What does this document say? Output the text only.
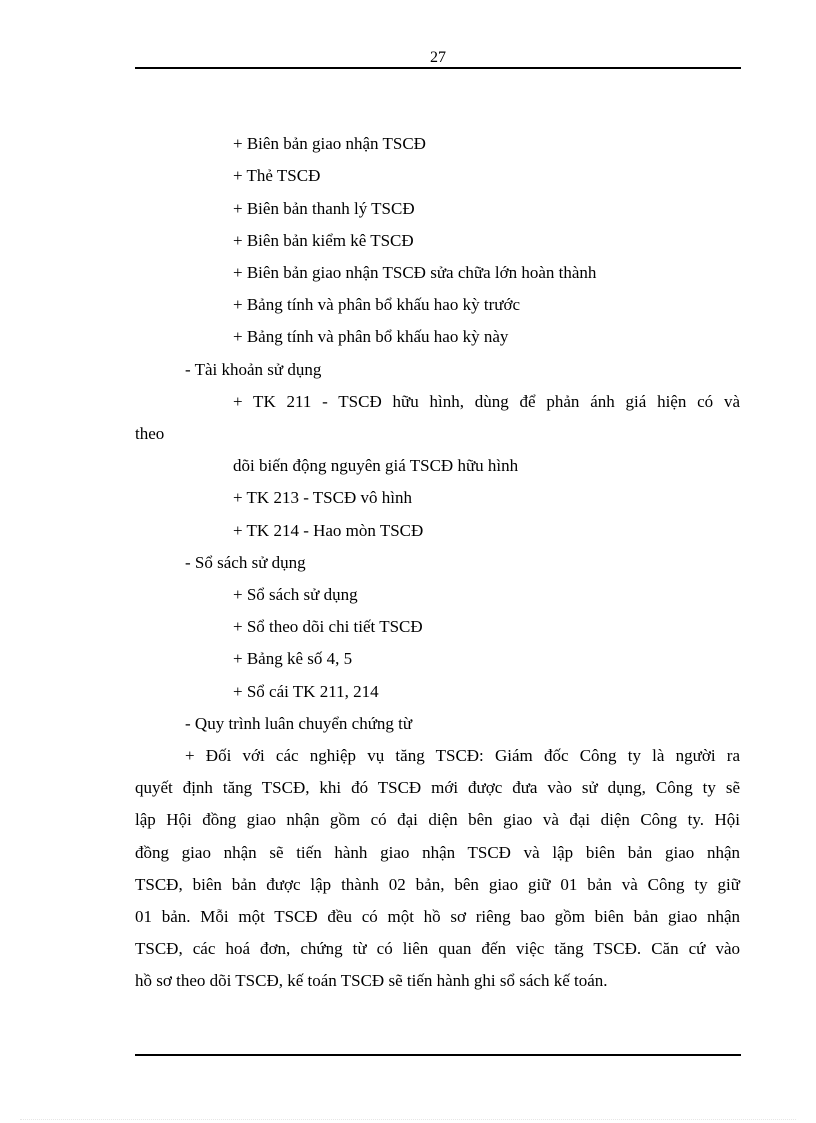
27
+ Biên bản giao nhận TSCĐ
+ Thẻ TSCĐ
+ Biên bản thanh lý TSCĐ
+ Biên bản kiểm kê TSCĐ
+ Biên bản giao nhận TSCĐ sửa chữa lớn hoàn thành
+ Bảng tính và phân bổ khấu hao kỳ trước
+ Bảng tính và phân bổ khấu hao kỳ này
- Tài khoản sử dụng
+ TK 211 - TSCĐ hữu hình, dùng để phản ánh giá hiện có và
theo
dõi biến động nguyên giá TSCĐ hữu hình
+ TK 213 - TSCĐ vô hình
+ TK 214 - Hao mòn TSCĐ
- Sổ sách sử dụng
+ Sổ sách sử dụng
+ Sổ theo dõi chi tiết TSCĐ
+ Bảng kê số 4, 5
+ Sổ cái TK 211, 214
- Quy trình luân chuyển chứng từ
+ Đối với các nghiệp vụ tăng TSCĐ: Giám đốc Công ty là người ra
quyết định tăng TSCĐ, khi đó TSCĐ mới được đưa vào sử dụng, Công ty sẽ
lập Hội đồng giao nhận gồm có đại diện bên giao và đại diện Công ty. Hội
đồng giao nhận sẽ tiến hành giao nhận TSCĐ và lập biên bản giao nhận
TSCĐ, biên bản được lập thành 02 bản, bên giao giữ 01 bản và Công ty giữ
01 bản. Mỗi một TSCĐ đều có một hồ sơ riêng bao gồm biên bản giao nhận
TSCĐ, các hoá đơn, chứng từ có liên quan đến việc tăng TSCĐ. Căn cứ vào
hồ sơ theo dõi TSCĐ, kế toán TSCĐ sẽ tiến hành ghi sổ sách kế toán.
